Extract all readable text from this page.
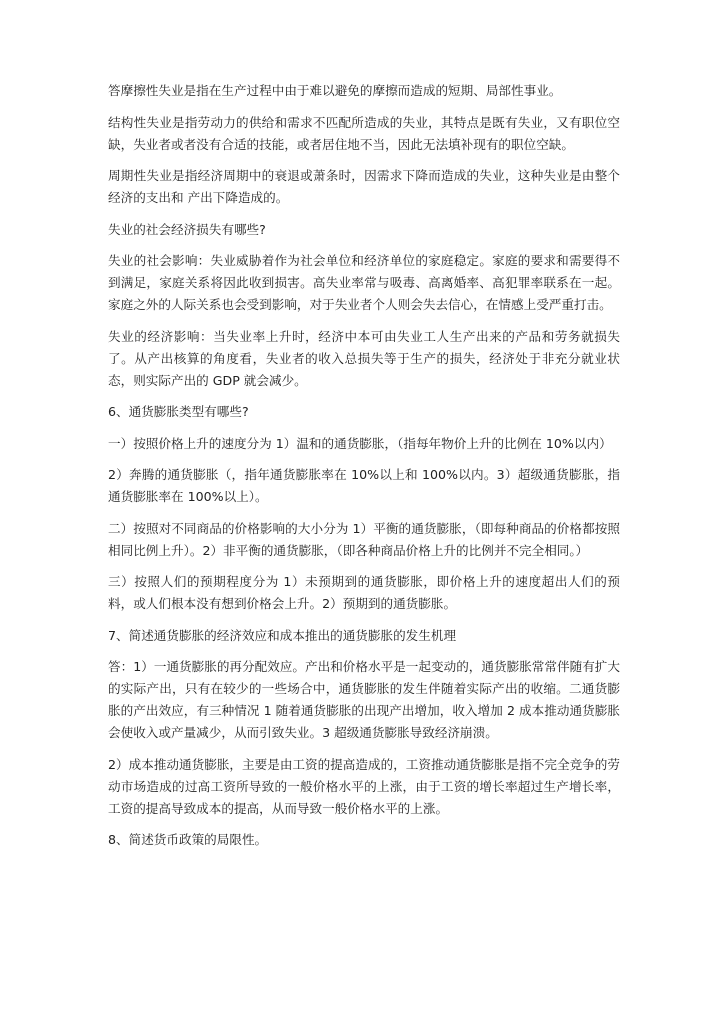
答摩擦性失业是指在生产过程中由于难以避免的摩擦而造成的短期、局部性事业。

结构性失业是指劳动力的供给和需求不匹配所造成的失业，其特点是既有失业，又有职位空缺，失业者或者没有合适的技能，或者居住地不当，因此无法填补现有的职位空缺。

周期性失业是指经济周期中的衰退或萧条时，因需求下降而造成的失业，这种失业是由整个经济的支出和 产出下降造成的。

失业的社会经济损失有哪些?

失业的社会影响：失业威胁着作为社会单位和经济单位的家庭稳定。家庭的要求和需要得不到满足，家庭关系将因此收到损害。高失业率常与吸毒、高离婚率、高犯罪率联系在一起。家庭之外的人际关系也会受到影响，对于失业者个人则会失去信心，在情感上受严重打击。

失业的经济影响：当失业率上升时，经济中本可由失业工人生产出来的产品和劳务就损失了。从产出核算的角度看，失业者的收入总损失等于生产的损失，经济处于非充分就业状态，则实际产出的 GDP 就会减少。

6、通货膨胀类型有哪些?

一）按照价格上升的速度分为 1）温和的通货膨胀，（指每年物价上升的比例在 10%以内）

2）奔腾的通货膨胀（，指年通货膨胀率在 10%以上和 100%以内。3）超级通货膨胀，指通货膨胀率在 100%以上）。

二）按照对不同商品的价格影响的大小分为 1）平衡的通货膨胀，（即每种商品的价格都按照相同比例上升）。2）非平衡的通货膨胀，（即各种商品价格上升的比例并不完全相同。）

三）按照人们的预期程度分为 1）未预期到的通货膨胀，即价格上升的速度超出人们的预料，或人们根本没有想到价格会上升。2）预期到的通货膨胀。

7、简述通货膨胀的经济效应和成本推出的通货膨胀的发生机理

答：1）一通货膨胀的再分配效应。产出和价格水平是一起变动的，通货膨胀常常伴随有扩大的实际产出，只有在较少的一些场合中，通货膨胀的发生伴随着实际产出的收缩。二通货膨胀的产出效应，有三种情况 1 随着通货膨胀的出现产出增加，收入增加 2 成本推动通货膨胀会使收入或产量减少，从而引致失业。3 超级通货膨胀导致经济崩溃。

2）成本推动通货膨胀，主要是由工资的提高造成的，工资推动通货膨胀是指不完全竞争的劳动市场造成的过高工资所导致的一般价格水平的上涨，由于工资的增长率超过生产增长率，工资的提高导致成本的提高，从而导致一般价格水平的上涨。

8、简述货币政策的局限性。
